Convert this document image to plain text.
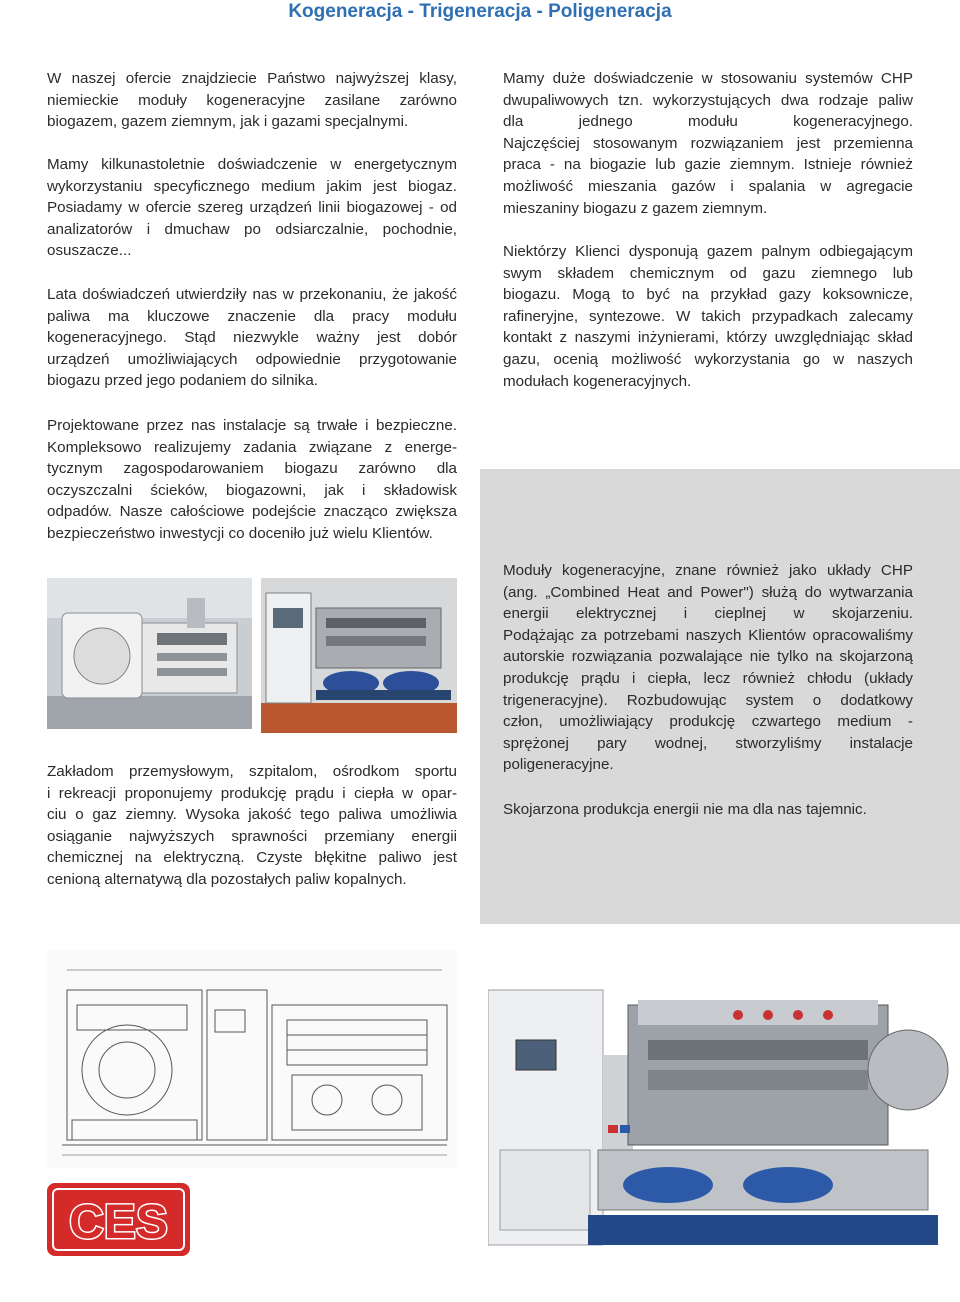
Kogeneracja - Trigeneracja - Poligeneracja

W naszej ofercie znajdziecie Państwo najwyższej klasy,
niemieckie moduły kogeneracyjne zasilane zarówno
biogazem, gazem ziemnym, jak i gazami specjalnymi.

Mamy kilkunastoletnie doświadczenie w energetycznym
wykorzystaniu specyficznego medium jakim jest biogaz.
Posiadamy w ofercie szereg urządzeń linii biogazowej - od
analizatorów i dmuchaw po odsiarczalnie, pochodnie,
osuszacze...

Lata doświadczeń utwierdziły nas w przekonaniu, że jakość
paliwa ma kluczowe znaczenie dla pracy modułu
kogeneracyjnego. Stąd niezwykle ważny jest dobór
urządzeń umożliwiających odpowiednie przygotowanie
biogazu przed jego podaniem do silnika.

Projektowane przez nas instalacje są trwałe i bezpieczne.
Kompleksowo realizujemy zadania związane z energe-
tycznym zagospodarowaniem biogazu zarówno dla
oczyszczalni ścieków, biogazowni, jak i składowisk
odpadów. Nasze całościowe podejście znacząco zwiększa
bezpieczeństwo inwestycji co doceniło już wielu Klientów.

Zakładom przemysłowym, szpitalom, ośrodkom sportu
i rekreacji proponujemy produkcję prądu i ciepła w opar-
ciu o gaz ziemny. Wysoka jakość tego paliwa umożliwia
osiąganie najwyższych sprawności przemiany energii
chemicznej na elektryczną. Czyste błękitne paliwo jest
cenioną alternatywą dla pozostałych paliw kopalnych.

Mamy duże doświadczenie w stosowaniu systemów CHP
dwupaliwowych tzn. wykorzystujących dwa rodzaje paliw
dla jednego modułu kogeneracyjnego.
Najczęściej stosowanym rozwiązaniem jest przemienna
praca - na biogazie lub gazie ziemnym. Istnieje również
możliwość mieszania gazów i spalania w agregacie
mieszaniny biogazu z gazem ziemnym.

Niektórzy Klienci dysponują gazem palnym odbiegającym
swym składem chemicznym od gazu ziemnego lub
biogazu. Mogą to być na przykład gazy koksownicze,
rafineryjne, syntezowe. W takich przypadkach zalecamy
kontakt z naszymi inżynierami, którzy uwzględniając skład
gazu, ocenią możliwość wykorzystania go w naszych
modułach kogeneracyjnych.

Moduły kogeneracyjne, znane również jako układy CHP
(ang. „Combined Heat and Power") służą do wytwarzania
energii elektrycznej i cieplnej w skojarzeniu.
Podążając za potrzebami naszych Klientów opracowaliśmy
autorskie rozwiązania pozwalające nie tylko na skojarzoną
produkcję prądu i ciepła, lecz również chłodu (układy
trigeneracyjne). Rozbudowując system o dodatkowy
człon, umożliwiający produkcję czwartego medium -
sprężonej pary wodnej, stworzyliśmy instalacje
poligeneracyjne.

Skojarzona produkcja energii nie ma dla nas tajemnic.

CES
